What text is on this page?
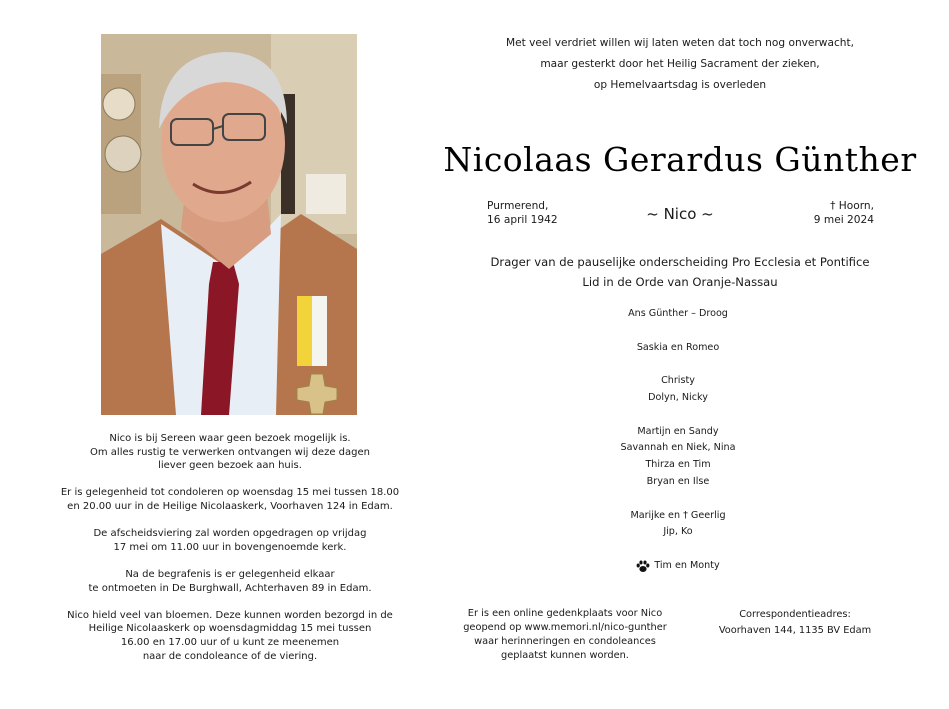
Nico is bij Sereen waar geen bezoek mogelijk is.
Om alles rustig te verwerken ontvangen wij deze dagen
liever geen bezoek aan huis.

Er is gelegenheid tot condoleren op woensdag 15 mei tussen 18.00
en 20.00 uur in de Heilige Nicolaaskerk, Voorhaven 124 in Edam.

De afscheidsviering zal worden opgedragen op vrijdag
17 mei om 11.00 uur in bovengenoemde kerk.

Na de begrafenis is er gelegenheid elkaar
te ontmoeten in De Burghwall, Achterhaven 89 in Edam.

Nico hield veel van bloemen. Deze kunnen worden bezorgd in de
Heilige Nicolaaskerk op woensdagmiddag 15 mei tussen
16.00 en 17.00 uur of u kunt ze meenemen
naar de condoleance of de viering.

Met veel verdriet willen wij laten weten dat toch nog onverwacht,
maar gesterkt door het Heilig Sacrament der zieken,
op Hemelvaartsdag is overleden
Nicolaas Gerardus Günther
Purmerend,
16 april 1942	~ Nico ~	† Hoorn,
9 mei 2024
Drager van de pauselijke onderscheiding Pro Ecclesia et Pontifice
Lid in de Orde van Oranje-Nassau
Ans Günther – Droog
Saskia en Romeo
Christy
Dolyn, Nicky
Martijn en Sandy
Savannah en Niek, Nina
Thirza en Tim
Bryan en Ilse
Marijke en † Geerlig
Jip, Ko
Tim en Monty
Er is een online gedenkplaats voor Nico
geopend op www.memori.nl/nico-gunther
waar herinneringen en condoleances
geplaatst kunnen worden.
Correspondentieadres:
Voorhaven 144, 1135 BV Edam
